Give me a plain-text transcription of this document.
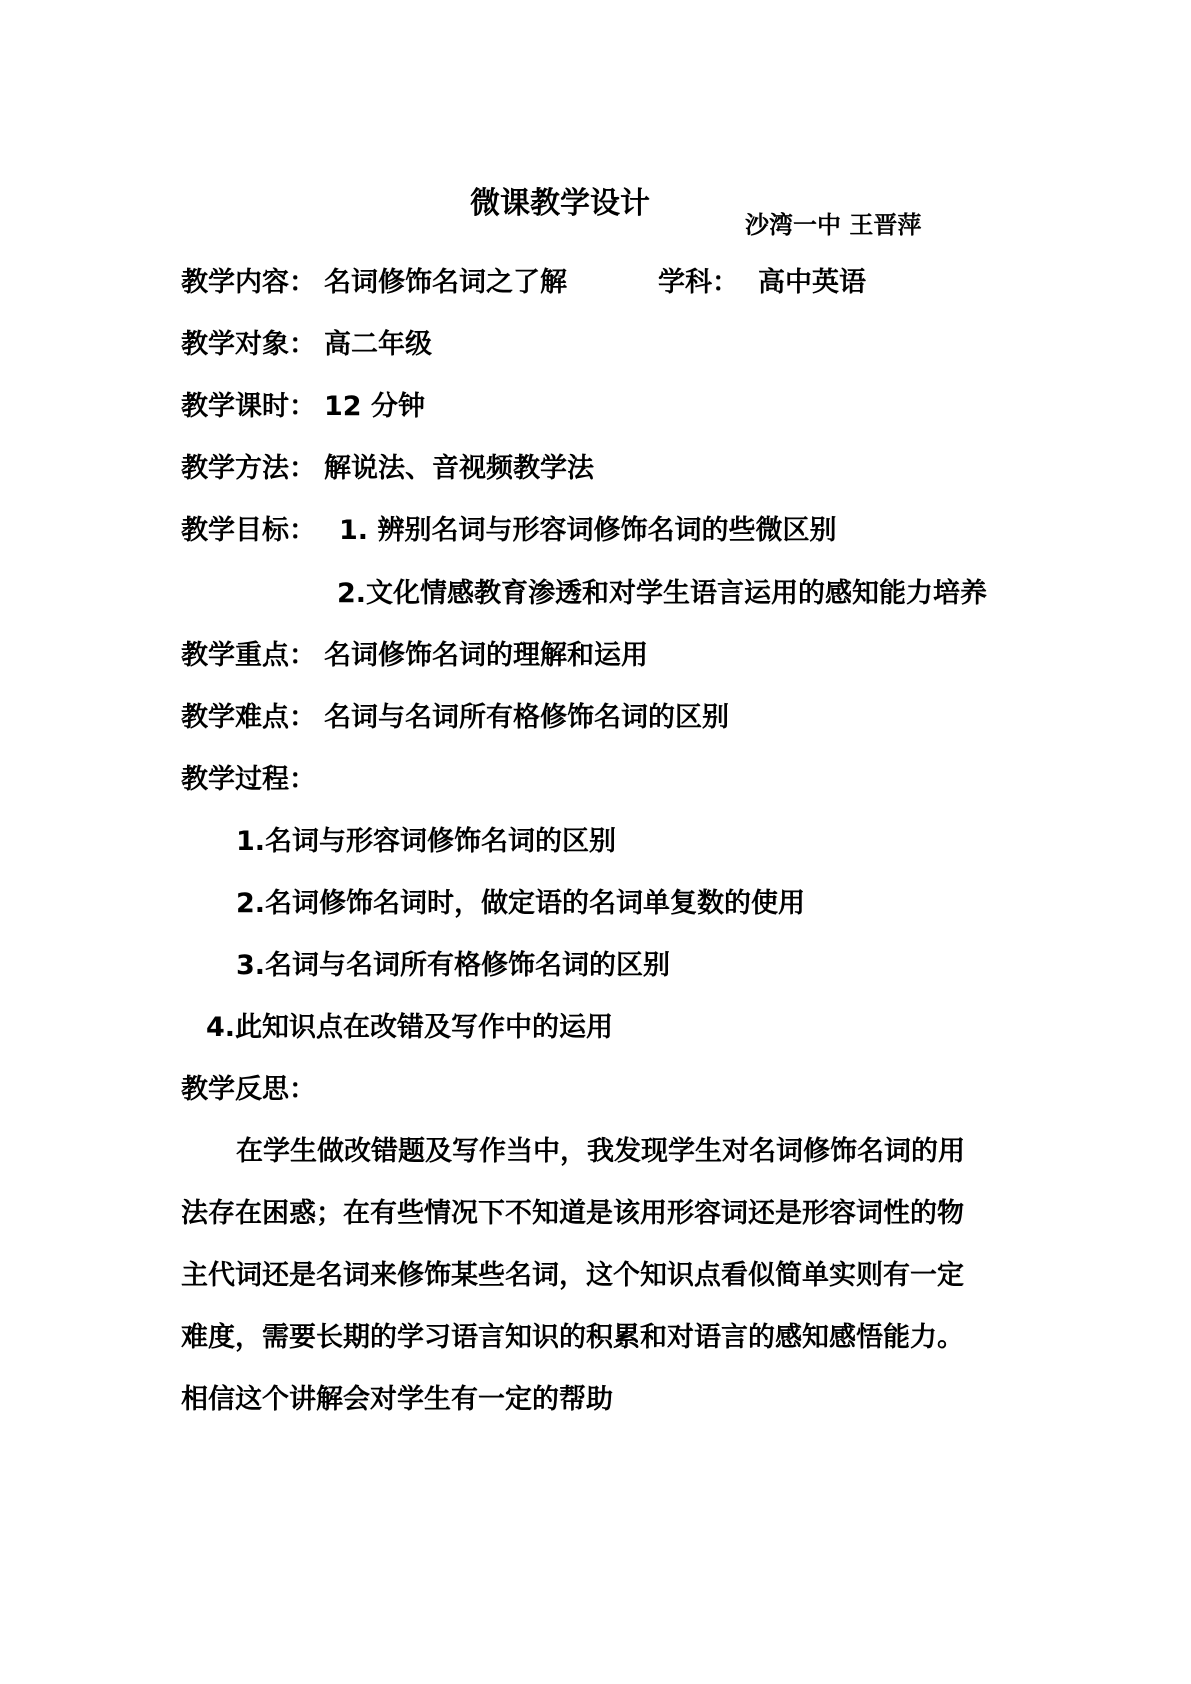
微课教学设计
沙湾一中 王晋萍
教学内容： 名词修饰名词之了解	学科： 高中英语
教学对象： 高二年级
教学课时： 12 分钟
教学方法： 解说法、音视频教学法
教学目标： 1. 辨别名词与形容词修饰名词的些微区别
2.文化情感教育渗透和对学生语言运用的感知能力培养
教学重点： 名词修饰名词的理解和运用
教学难点： 名词与名词所有格修饰名词的区别
教学过程：
1.名词与形容词修饰名词的区别
2.名词修饰名词时，做定语的名词单复数的使用
3.名词与名词所有格修饰名词的区别
4.此知识点在改错及写作中的运用
教学反思：
在学生做改错题及写作当中，我发现学生对名词修饰名词的用
法存在困惑；在有些情况下不知道是该用形容词还是形容词性的物
主代词还是名词来修饰某些名词，这个知识点看似简单实则有一定
难度，需要长期的学习语言知识的积累和对语言的感知感悟能力。
相信这个讲解会对学生有一定的帮助
